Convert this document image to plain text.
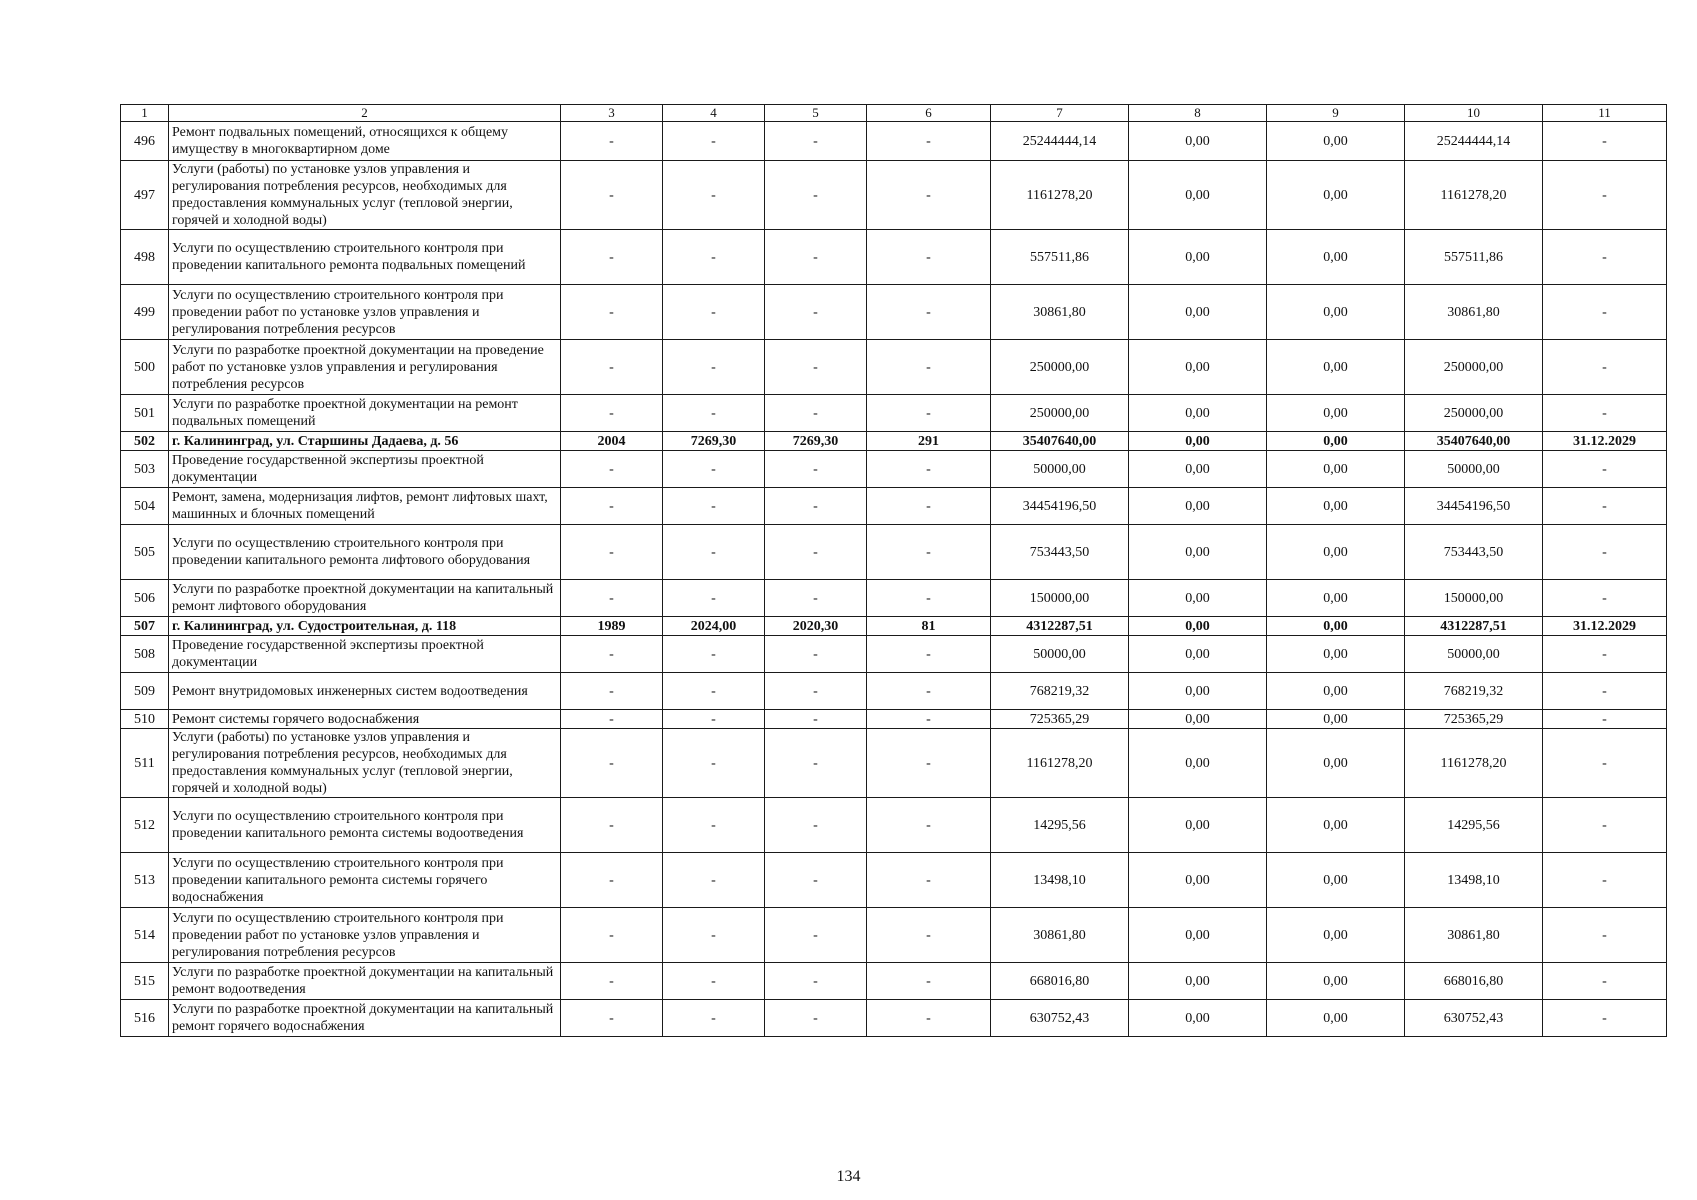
1	2	3	4	5	6	7	8	9	10	11
496	Ремонт подвальных помещений, относящихся к общему имуществу в многоквартирном доме	-	-	-	-	25244444,14	0,00	0,00	25244444,14	-
497	Услуги (работы) по установке узлов управления и регулирования потребления ресурсов, необходимых для предоставления коммунальных услуг (тепловой энергии, горячей и холодной воды)	-	-	-	-	1161278,20	0,00	0,00	1161278,20	-
498	Услуги по осуществлению строительного контроля при проведении капитального ремонта подвальных помещений	-	-	-	-	557511,86	0,00	0,00	557511,86	-
499	Услуги по осуществлению строительного контроля при проведении работ по установке узлов управления и регулирования потребления ресурсов	-	-	-	-	30861,80	0,00	0,00	30861,80	-
500	Услуги по разработке проектной документации на проведение работ по установке узлов управления и регулирования потребления ресурсов	-	-	-	-	250000,00	0,00	0,00	250000,00	-
501	Услуги по разработке проектной документации на ремонт подвальных помещений	-	-	-	-	250000,00	0,00	0,00	250000,00	-
502	г. Калининград, ул. Старшины Дадаева, д. 56	2004	7269,30	7269,30	291	35407640,00	0,00	0,00	35407640,00	31.12.2029
503	Проведение государственной экспертизы проектной документации	-	-	-	-	50000,00	0,00	0,00	50000,00	-
504	Ремонт, замена, модернизация лифтов, ремонт лифтовых шахт, машинных и блочных помещений	-	-	-	-	34454196,50	0,00	0,00	34454196,50	-
505	Услуги по осуществлению строительного контроля при проведении капитального ремонта лифтового оборудования	-	-	-	-	753443,50	0,00	0,00	753443,50	-
506	Услуги по разработке проектной документации на капитальный ремонт лифтового оборудования	-	-	-	-	150000,00	0,00	0,00	150000,00	-
507	г. Калининград, ул. Судостроительная, д. 118	1989	2024,00	2020,30	81	4312287,51	0,00	0,00	4312287,51	31.12.2029
508	Проведение государственной экспертизы проектной документации	-	-	-	-	50000,00	0,00	0,00	50000,00	-
509	Ремонт внутридомовых инженерных систем водоотведения	-	-	-	-	768219,32	0,00	0,00	768219,32	-
510	Ремонт системы горячего водоснабжения	-	-	-	-	725365,29	0,00	0,00	725365,29	-
511	Услуги (работы) по установке узлов управления и регулирования потребления ресурсов, необходимых для предоставления коммунальных услуг (тепловой энергии, горячей и холодной воды)	-	-	-	-	1161278,20	0,00	0,00	1161278,20	-
512	Услуги по осуществлению строительного контроля при проведении капитального ремонта системы водоотведения	-	-	-	-	14295,56	0,00	0,00	14295,56	-
513	Услуги по осуществлению строительного контроля при проведении капитального ремонта системы горячего водоснабжения	-	-	-	-	13498,10	0,00	0,00	13498,10	-
514	Услуги по осуществлению строительного контроля при проведении работ по установке узлов управления и регулирования потребления ресурсов	-	-	-	-	30861,80	0,00	0,00	30861,80	-
515	Услуги по разработке проектной документации на капитальный ремонт водоотведения	-	-	-	-	668016,80	0,00	0,00	668016,80	-
516	Услуги по разработке проектной документации на капитальный ремонт горячего водоснабжения	-	-	-	-	630752,43	0,00	0,00	630752,43	-
134
